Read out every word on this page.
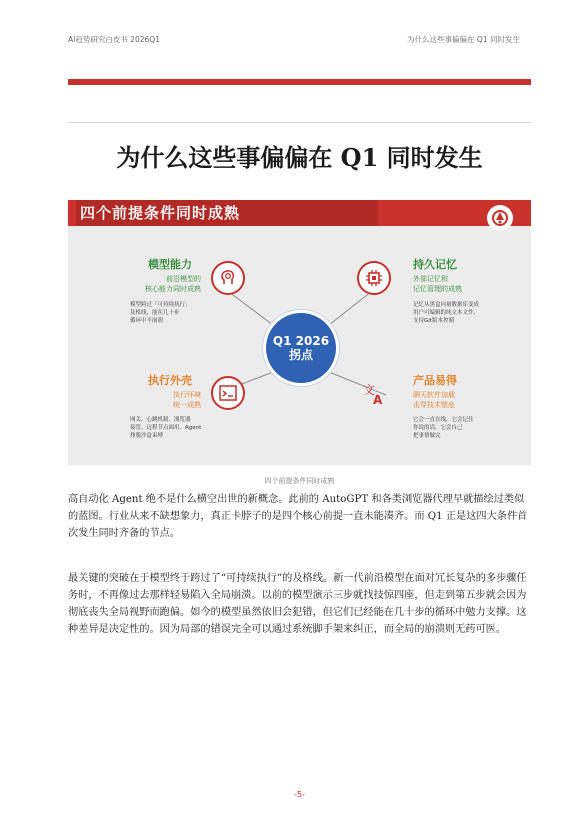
AI趋势研究白皮书 2026Q1	为什么这些事偏偏在 Q1 同时发生
为什么这些事偏偏在 Q1 同时发生
四个前提条件同时成熟
Q1 2026
拐点
模型能力
前沿模型的
核心能力同时成熟
模型跨过「可持续执行」
及格线，能在几十步
循环中不崩溃
持久记忆
外部记忆和
记忆管理的成熟
记忆从黑盒向量数据库变成
用户可编辑的纯文本文件，
支持Git版本控制
执行外壳
执行环境
统一成熟
网关、心跳机制、浏览器
接管、远程节点调用、Agent
挣脱沙盒束缚
文
A
产品易得
聊天软件加载
击穿技术壁垒
它会一直在线，它会记住
你说的话，它会自己
把事情做完
四个前提条件同时成熟

高自动化 Agent 绝不是什么横空出世的新概念。此前的 AutoGPT 和各类浏览器代理早就描绘过类似的蓝图。行业从来不缺想象力，真正卡脖子的是四个核心前提一直未能凑齐。而 Q1 正是这四大条件首次发生同时齐备的节点。

最关键的突破在于模型终于跨过了“可持续执行”的及格线。新一代前沿模型在面对冗长复杂的多步骤任务时，不再像过去那样轻易陷入全局崩溃。以前的模型演示三步就找技惊四座，但走到第五步就会因为彻底丧失全局视野而跑偏。如今的模型虽然依旧会犯错，但它们已经能在几十步的循环中勉力支撑。这种差异是决定性的。因为局部的错误完全可以通过系统脚手架来纠正，而全局的崩溃则无药可医。

-5-
